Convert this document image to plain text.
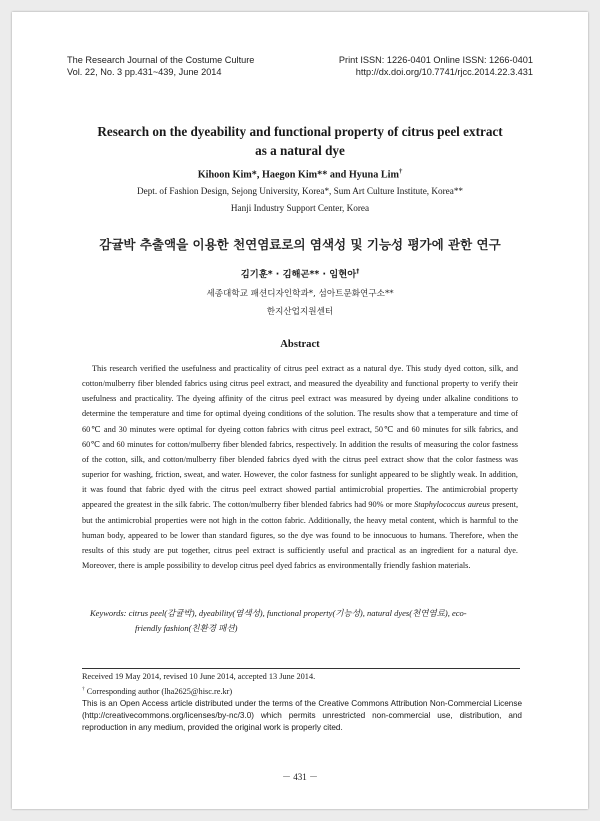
The Research Journal of the Costume Culture
Vol. 22, No. 3 pp.431~439, June 2014
Print ISSN: 1226-0401 Online ISSN: 1266-0401
http://dx.doi.org/10.7741/rjcc.2014.22.3.431
Research on the dyeability and functional property of citrus peel extract
as a natural dye
Kihoon Kim*, Haegon Kim** and Hyuna Lim†
Dept. of Fashion Design, Sejong University, Korea*, Sum Art Culture Institute, Korea**
Hanji Industry Support Center, Korea
감귤박 추출액을 이용한 천연염료로의 염색성 및 기능성 평가에 관한 연구
김기훈* · 김해곤** · 임현아†
세종대학교 패션디자인학과*, 섬아트문화연구소**
한지산업지원센터
Abstract
This research verified the usefulness and practicality of citrus peel extract as a natural dye. This study dyed cotton, silk, and cotton/mulberry fiber blended fabrics using citrus peel extract, and measured the dyeability and functional property to verify their usefulness and practicality. The dyeing affinity of the citrus peel extract was measured by dyeing under alkaline conditions to determine the temperature and time for optimal dyeing conditions of the solution. The results show that a temperature and time of 60℃ and 30 minutes were optimal for dyeing cotton fabrics with citrus peel extract, 50℃ and 60 minutes for silk fabrics, and 60℃ and 60 minutes for cotton/mulberry fiber blended fabrics, respectively. In addition the results of measuring the color fastness of the cotton, silk, and cotton/mulberry fiber blended fabrics dyed with the citrus peel extract show that the color fastness was superior for washing, friction, sweat, and water. However, the color fastness for sunlight appeared to be slightly weak. In addition, it was found that fabric dyed with the citrus peel extract showed partial antimicrobial properties. The antimicrobial property appeared the greatest in the silk fabric. The cotton/mulberry fiber blended fabrics had 90% or more Staphylococcus aureus present, but the antimicrobial properties were not high in the cotton fabric. Additionally, the heavy metal content, which is harmful to the human body, appeared to be lower than standard figures, so the dye was found to be innocuous to humans. Therefore, when the results of this study are put together, citrus peel extract is sufficiently useful and practical as an ingredient for a natural dye. Moreover, there is ample possibility to develop citrus peel dyed fabrics as environmentally friendly fashion materials.
Keywords: citrus peel(감귤박), dyeability(염색성), functional property(기능성), natural dyes(천연염료), eco-
friendly fashion(친환경 패션)
Received 19 May 2014, revised 10 June 2014, accepted 13 June 2014.
† Corresponding author (lha2625@hisc.re.kr)
This is an Open Access article distributed under the terms of the Creative Commons Attribution Non-Commercial License (http://creativecommons.org/licenses/by-nc/3.0) which permits unrestricted non-commercial use, distribution, and reproduction in any medium, provided the original work is properly cited.
－ 431 －
